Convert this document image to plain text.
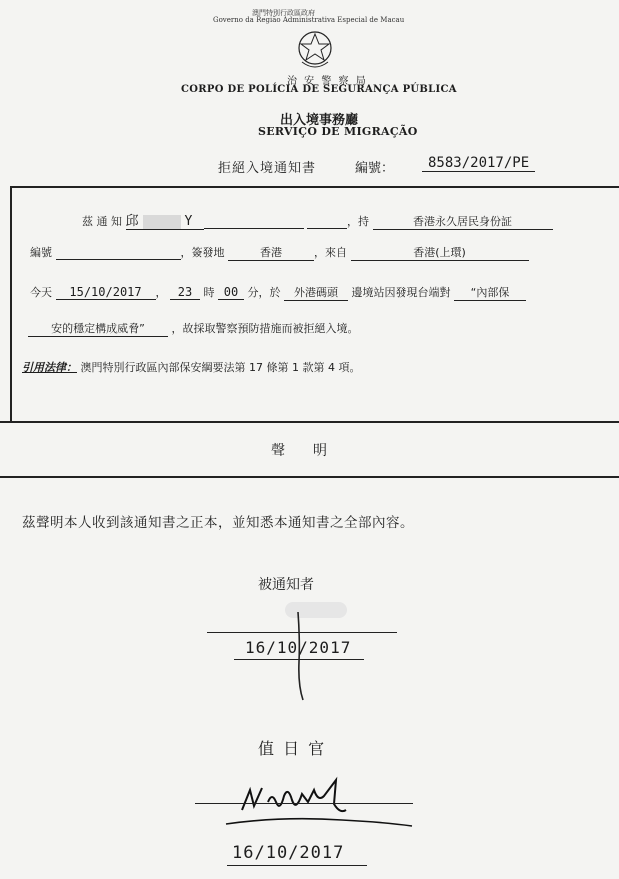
澳門特別行政區政府
Governo da Região Administrativa Especial de Macau
治 安 警 察 局
CORPO DE POLÍCIA DE SEGURANÇA PÚBLICA
出入境事務廳
SERVIÇO DE MIGRAÇÃO
拒絕入境通知書	編號：	8583/2017/PE
茲 通 知 邱	Y	，持	香港永久居民身份証
編號	，簽發地	香港	，來自	香港(上環)
今天 15/10/2017 ， 23 時 00 分，於 外港碼頭 邊境站因發現台端對 “內部保
安的穩定構成威脅” ，故採取警察預防措施而被拒絕入境。
引用法律： 澳門特別行政區內部保安綱要法第 17 條第 1 款第 4 項。
聲　　明
茲聲明本人收到該通知書之正本，並知悉本通知書之全部內容。
被通知者
16/10/2017
值 日 官
16/10/2017
